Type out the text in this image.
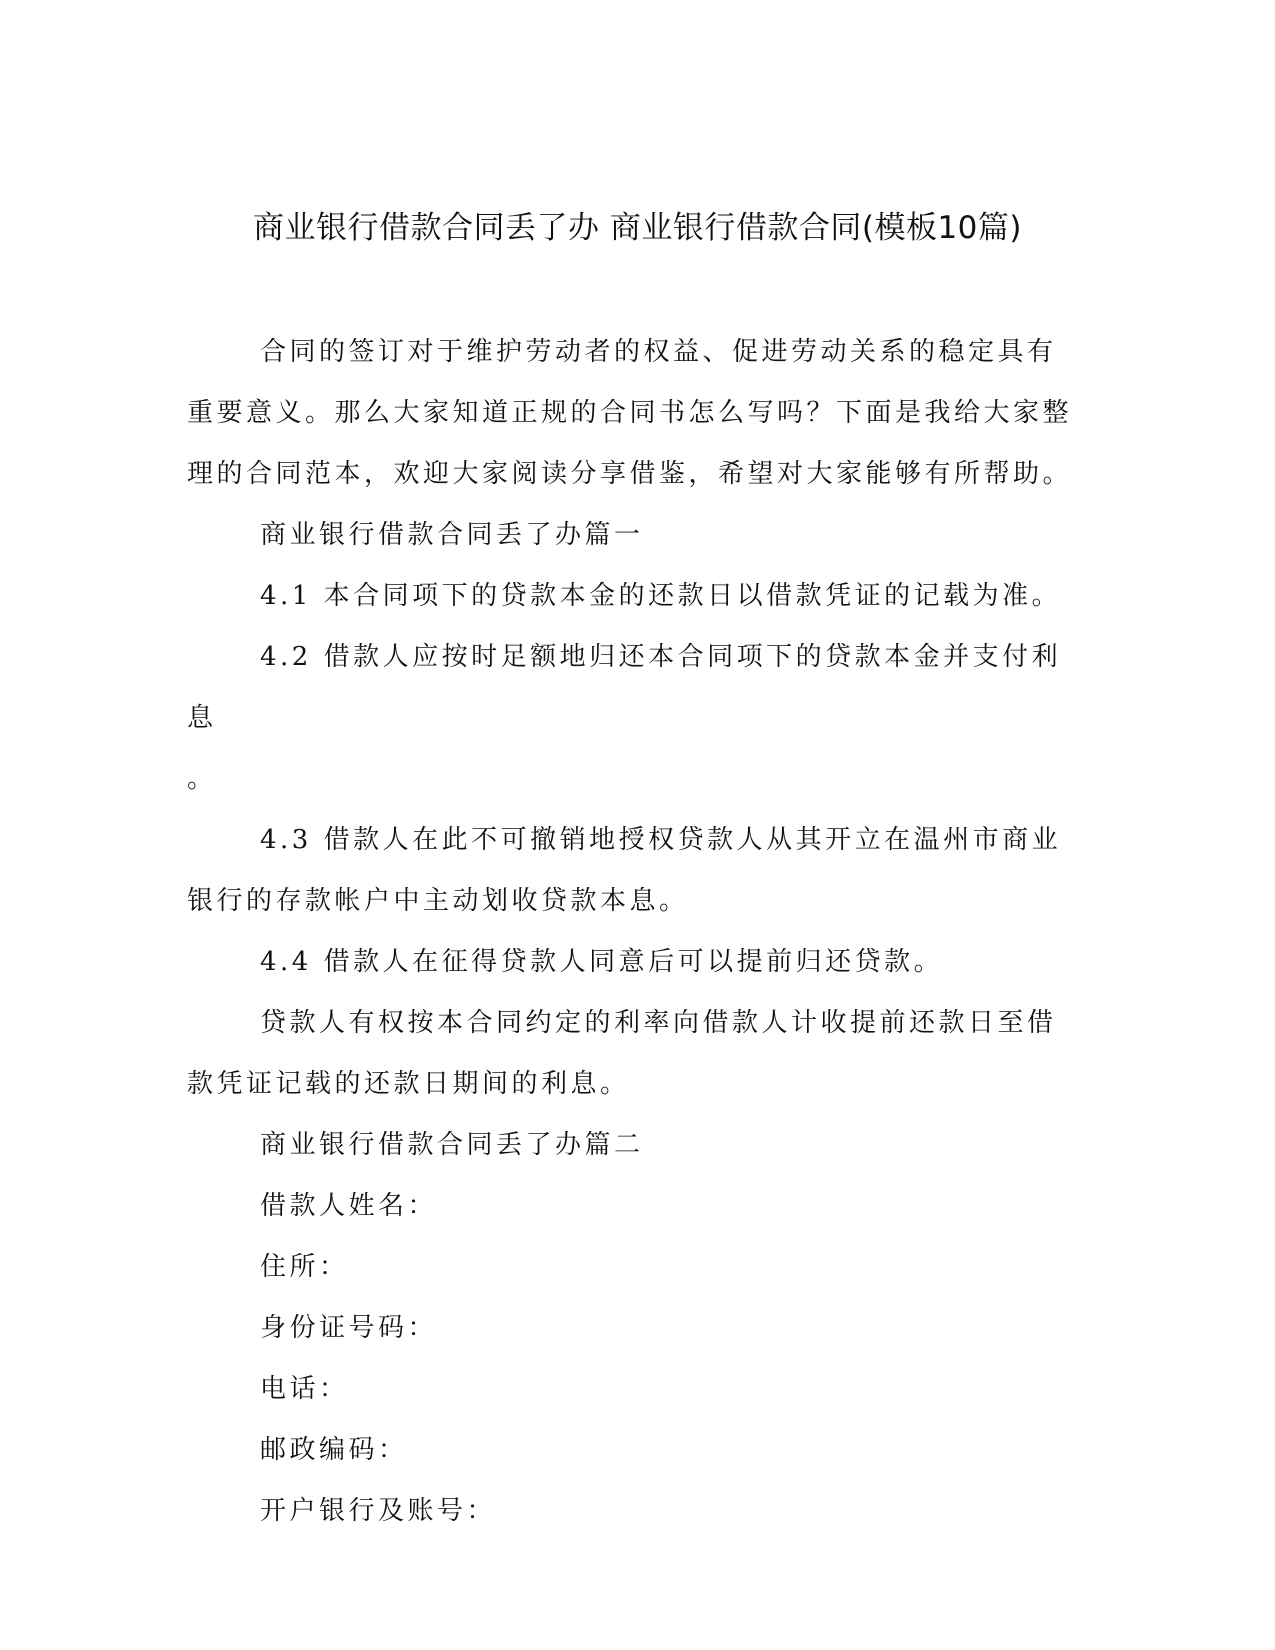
商业银行借款合同丢了办 商业银行借款合同(模板10篇)

合同的签订对于维护劳动者的权益、促进劳动关系的稳定具有重要意义。那么大家知道正规的合同书怎么写吗？下面是我给大家整理的合同范本，欢迎大家阅读分享借鉴，希望对大家能够有所帮助。

商业银行借款合同丢了办篇一

4.1 本合同项下的贷款本金的还款日以借款凭证的记载为准。

4.2 借款人应按时足额地归还本合同项下的贷款本金并支付利息

。

4.3 借款人在此不可撤销地授权贷款人从其开立在温州市商业银行的存款帐户中主动划收贷款本息。

4.4 借款人在征得贷款人同意后可以提前归还贷款。

贷款人有权按本合同约定的利率向借款人计收提前还款日至借款凭证记载的还款日期间的利息。

商业银行借款合同丢了办篇二

借款人姓名：

住所：

身份证号码：

电话：

邮政编码：

开户银行及账号：
